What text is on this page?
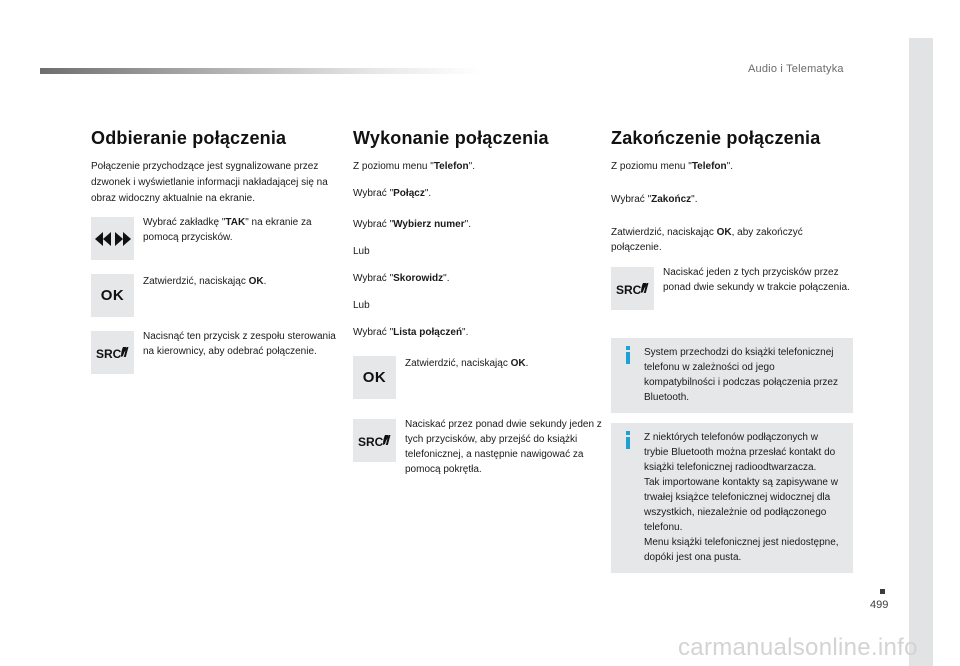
Audio i Telematyka
499
carmanualsonline.info
Odbieranie połączenia

Połączenie przychodzące jest sygnalizowane przez dzwonek i wyświetlanie informacji nakładającej się na obraz widoczny aktualnie na ekranie.

Wybrać zakładkę "TAK" na ekranie za pomocą przycisków.
OK
Zatwierdzić, naciskając OK.
SRC
Nacisnąć ten przycisk z zespołu sterowania na kierownicy, aby odebrać połączenie.
Wykonanie połączenia

Z poziomu menu "Telefon".

Wybrać "Połącz".

Wybrać "Wybierz numer".

Lub

Wybrać "Skorowidz".

Lub

Wybrać "Lista połączeń".

OK
Zatwierdzić, naciskając OK.
SRC
Naciskać przez ponad dwie sekundy jeden z tych przycisków, aby przejść do książki telefonicznej, a następnie nawigować za pomocą pokrętła.
Zakończenie połączenia

Z poziomu menu "Telefon".

Wybrać "Zakończ".

Zatwierdzić, naciskając OK, aby zakończyć połączenie.

SRC
Naciskać jeden z tych przycisków przez ponad dwie sekundy w trakcie połączenia.
System przechodzi do książki telefonicznej telefonu w zależności od jego kompatybilności i podczas połączenia przez Bluetooth.
Z niektórych telefonów podłączonych w trybie Bluetooth można przesłać kontakt do książki telefonicznej radioodtwarzacza.
Tak importowane kontakty są zapisywane w trwałej książce telefonicznej widocznej dla wszystkich, niezależnie od podłączonego telefonu.
Menu książki telefonicznej jest niedostępne, dopóki jest ona pusta.
